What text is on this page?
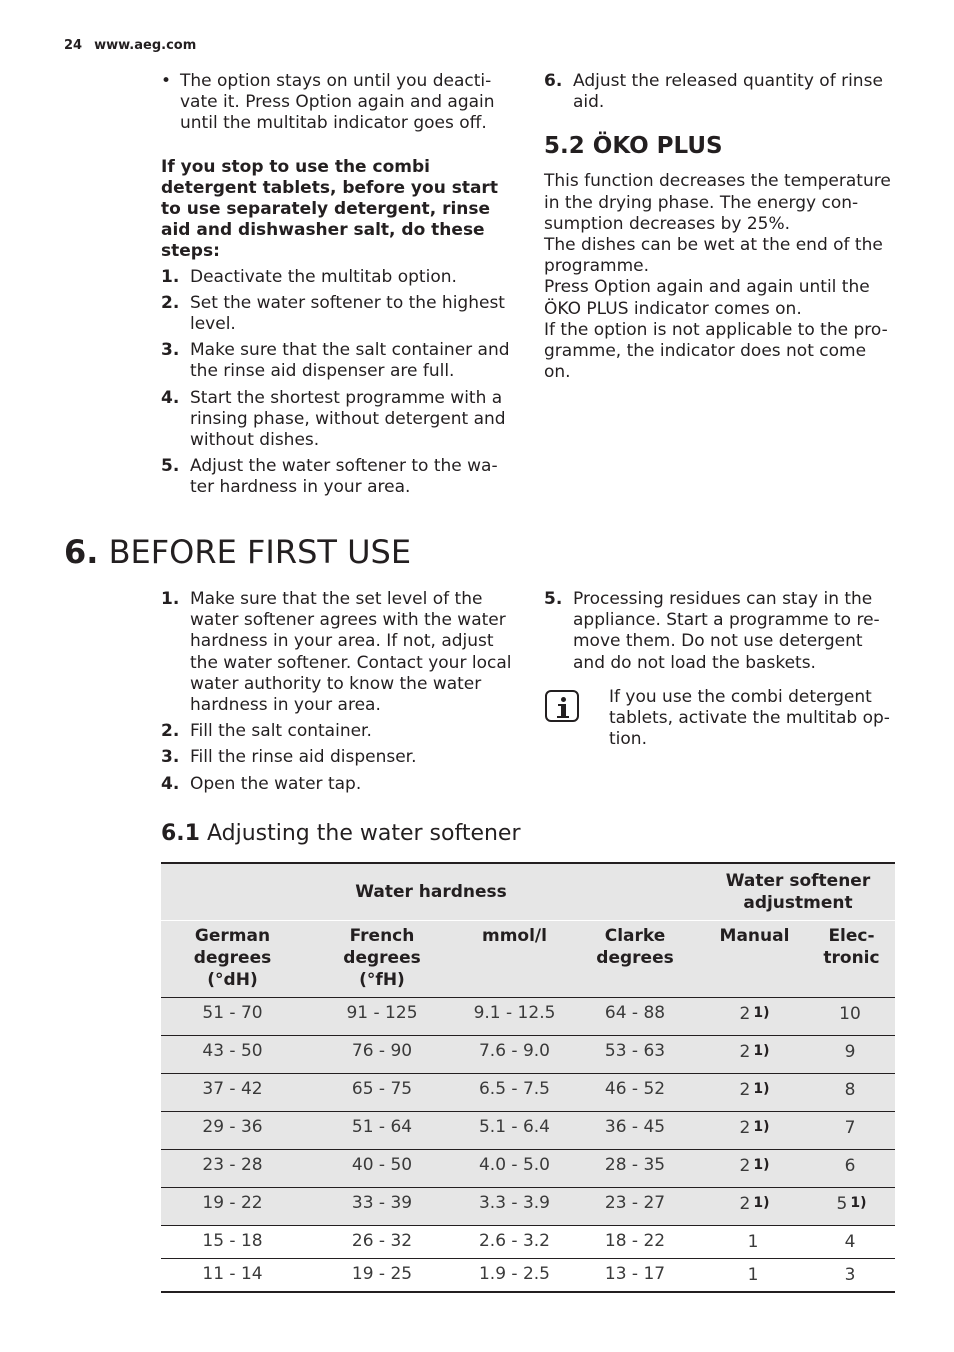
24 www.aeg.com

• The option stays on until you deacti- vate it. Press Option again and again until the multitab indicator goes off.

If you stop to use the combi detergent tablets, before you start to use separately detergent, rinse aid and dishwasher salt, do these steps:

1. Deactivate the multitab option.
2. Set the water softener to the highest level.
3. Make sure that the salt container and the rinse aid dispenser are full.
4. Start the shortest programme with a rinsing phase, without detergent and without dishes.
5. Adjust the water softener to the wa- ter hardness in your area.
6. Adjust the released quantity of rinse aid.
5.2 ÖKO PLUS

This function decreases the temperature in the drying phase. The energy con- sumption decreases by 25%.

The dishes can be wet at the end of the programme.

Press Option again and again until the ÖKO PLUS indicator comes on.

If the option is not applicable to the pro- gramme, the indicator does not come on.

6. BEFORE FIRST USE
1. Make sure that the set level of the water softener agrees with the water hardness in your area. If not, adjust the water softener. Contact your local water authority to know the water hardness in your area.
2. Fill the salt container.
3. Fill the rinse aid dispenser.
4. Open the water tap.
5. Processing residues can stay in the appliance. Start a programme to re- move them. Do not use detergent and do not load the baskets.

If you use the combi detergent tablets, activate the multitab op- tion.

6.1 Adjusting the water softener
Water hardness				Water softener adjustment	
German degrees (°dH)	French degrees (°fH)	mmol/l	Clarke degrees	Manual	Elec- tronic
51 - 70	91 - 125	9.1 - 12.5	64 - 88	2 1)	10
43 - 50	76 - 90	7.6 - 9.0	53 - 63	2 1)	9
37 - 42	65 - 75	6.5 - 7.5	46 - 52	2 1)	8
29 - 36	51 - 64	5.1 - 6.4	36 - 45	2 1)	7
23 - 28	40 - 50	4.0 - 5.0	28 - 35	2 1)	6
19 - 22	33 - 39	3.3 - 3.9	23 - 27	2 1)	5 1)
15 - 18	26 - 32	2.6 - 3.2	18 - 22	1	4
11 - 14	19 - 25	1.9 - 2.5	13 - 17	1	3
